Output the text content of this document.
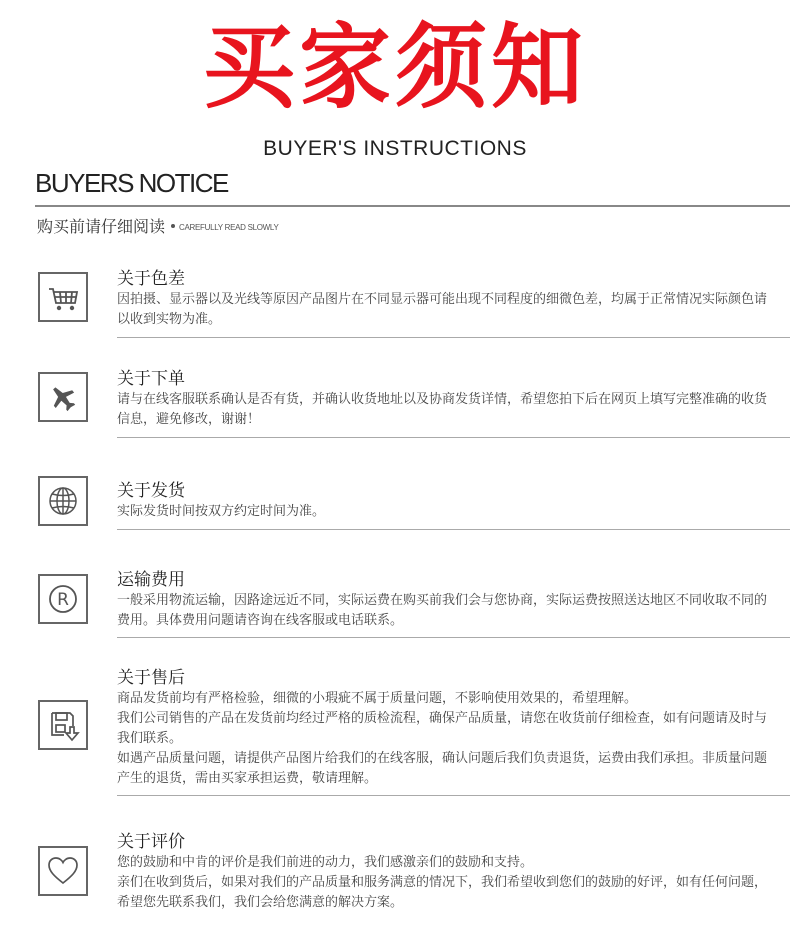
买家须知
BUYER'S INSTRUCTIONS
BUYERS NOTICE
购买前请仔细阅读 CAREFULLY READ SLOWLY
关于色差

因拍摄、显示器以及光线等原因产品图片在不同显示器可能出现不同程度的细微色差，均属于正常情况实际颜色请以收到实物为准。

关于下单

请与在线客服联系确认是否有货，并确认收货地址以及协商发货详情，希望您拍下后在网页上填写完整准确的收货信息，避免修改，谢谢！

关于发货

实际发货时间按双方约定时间为准。

R
运输费用

一般采用物流运输，因路途远近不同，实际运费在购买前我们会与您协商，实际运费按照送达地区不同收取不同的费用。具体费用问题请咨询在线客服或电话联系。

关于售后

商品发货前均有严格检验，细微的小瑕疵不属于质量问题，不影响使用效果的，希望理解。

我们公司销售的产品在发货前均经过严格的质检流程，确保产品质量，请您在收货前仔细检查，如有问题请及时与我们联系。

如遇产品质量问题，请提供产品图片给我们的在线客服，确认问题后我们负责退货，运费由我们承担。非质量问题产生的退货，需由买家承担运费，敬请理解。

关于评价

您的鼓励和中肯的评价是我们前进的动力，我们感激亲们的鼓励和支持。

亲们在收到货后，如果对我们的产品质量和服务满意的情况下，我们希望收到您们的鼓励的好评，如有任何问题，希望您先联系我们，我们会给您满意的解决方案。
